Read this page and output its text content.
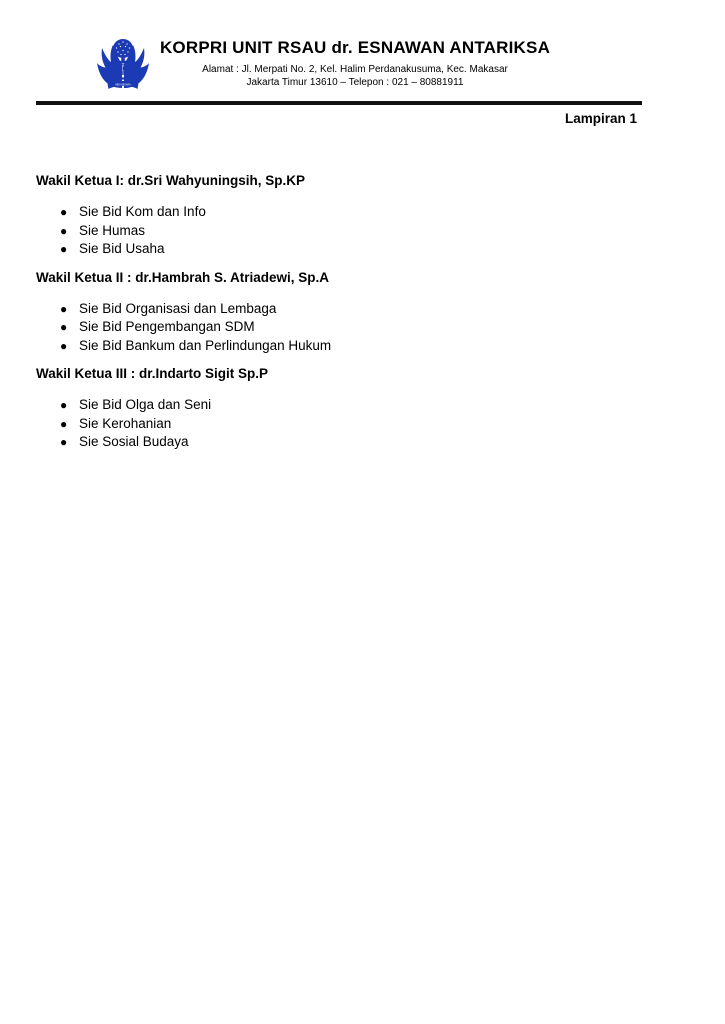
ABDI NEGARA
KORPRI UNIT RSAU dr. ESNAWAN ANTARIKSA
Alamat : Jl. Merpati No. 2, Kel. Halim Perdanakusuma, Kec. Makasar
Jakarta Timur 13610 – Telepon : 021 – 80881911
Lampiran 1
Wakil Ketua I: dr.Sri Wahyuningsih, Sp.KP
● Sie Bid Kom dan Info
● Sie Humas
● Sie Bid Usaha
Wakil Ketua II : dr.Hambrah S. Atriadewi, Sp.A
● Sie Bid Organisasi dan Lembaga
● Sie Bid Pengembangan SDM
● Sie Bid Bankum dan Perlindungan Hukum
Wakil Ketua III : dr.Indarto Sigit Sp.P
● Sie Bid Olga dan Seni
● Sie Kerohanian
● Sie Sosial Budaya
